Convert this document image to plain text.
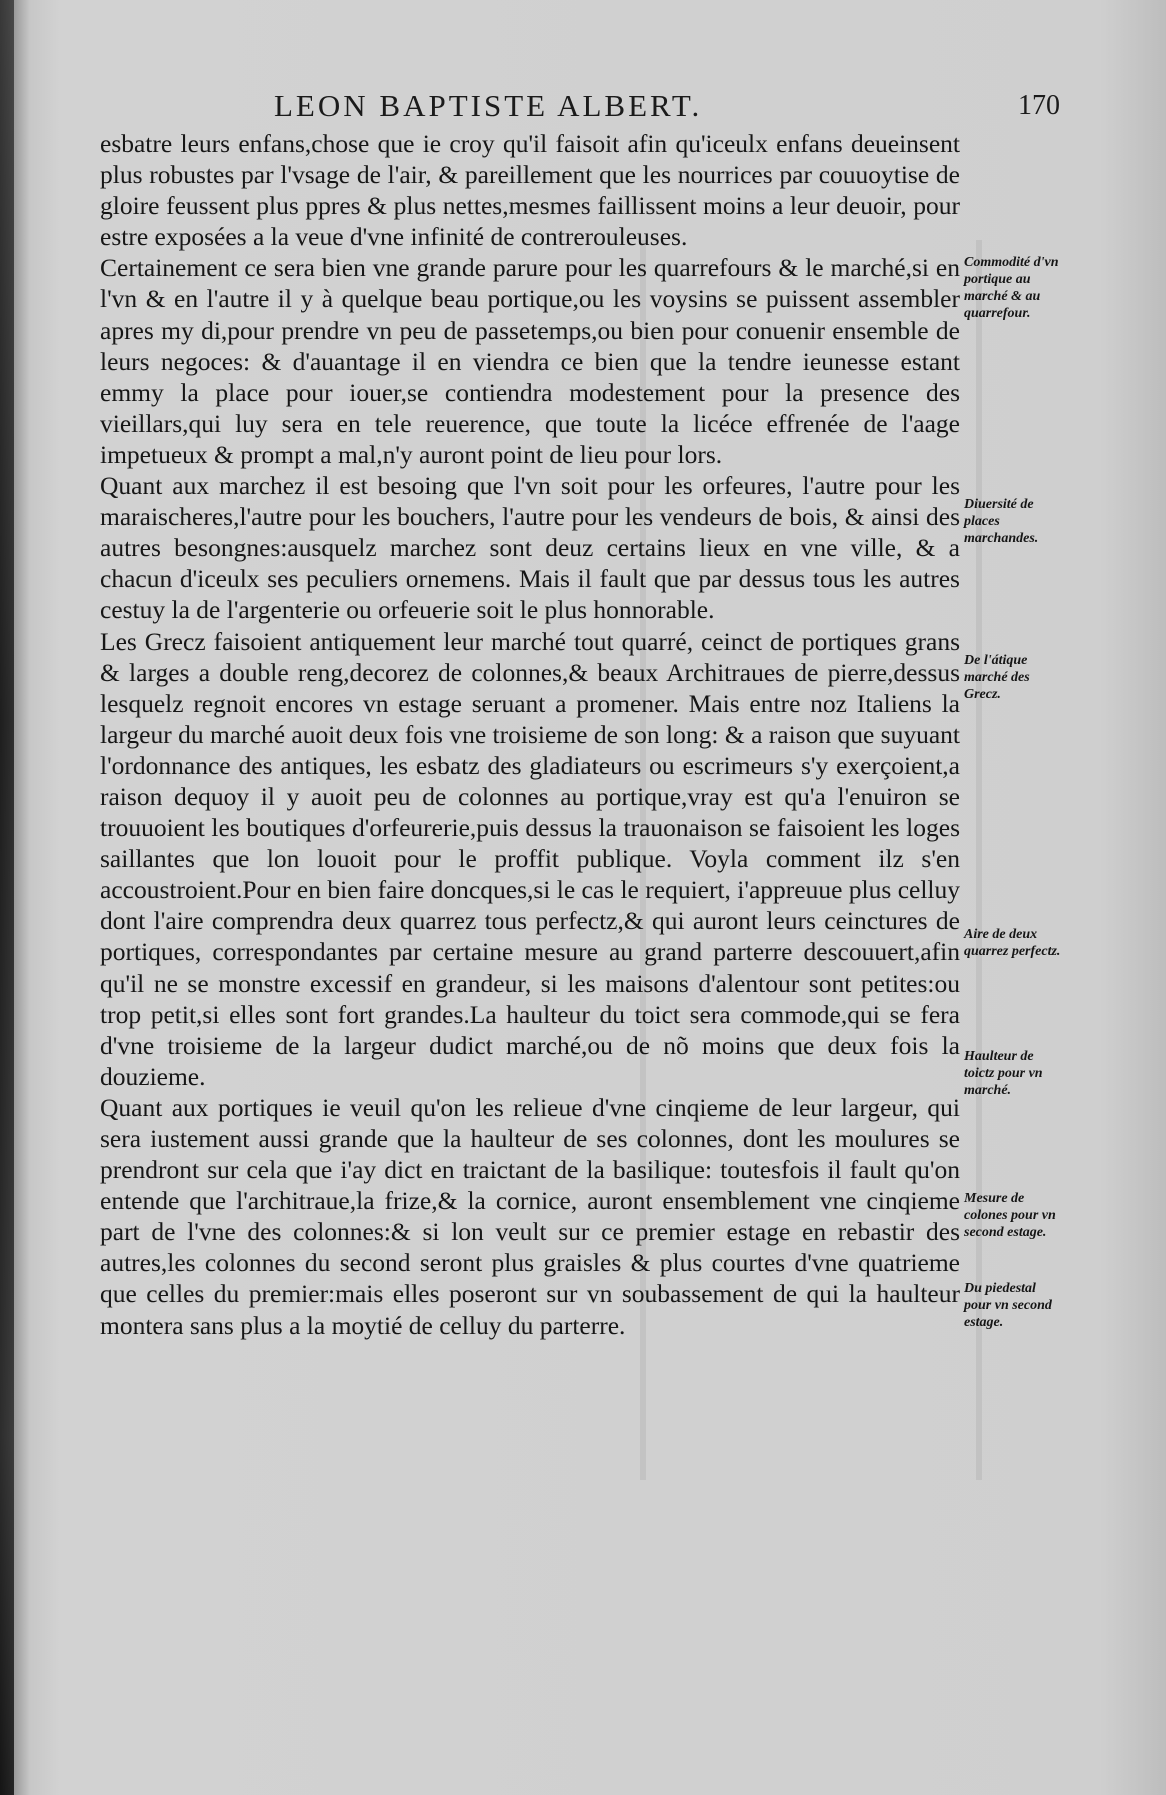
LEON BAPTISTE ALBERT.	170

esbatre leurs enfans,chose que ie croy qu'il faisoit afin qu'iceulx enfans deueinsent plus robustes par l'vsage de l'air, & pareillement que les nourrices par couuoytise de gloire feussent plus ppres & plus nettes,mesmes faillissent moins a leur deuoir, pour estre exposées a la veue d'vne infinité de contrerouleuses.

Certainement ce sera bien vne grande parure pour les quarrefours & le marché,si en l'vn & en l'autre il y à quelque beau portique,ou les voysins se puissent assembler apres my di,pour prendre vn peu de passetemps,ou bien pour conuenir ensemble de leurs negoces: & d'auantage il en viendra ce bien que la tendre ieunesse estant emmy la place pour iouer,se contiendra modestement pour la presence des vieillars,qui luy sera en tele reuerence, que toute la licéce effrenée de l'aage impetueux & prompt a mal,n'y auront point de lieu pour lors.

Quant aux marchez il est besoing que l'vn soit pour les orfeures, l'autre pour les maraischeres,l'autre pour les bouchers, l'autre pour les vendeurs de bois, & ainsi des autres besongnes:ausquelz marchez sont deuz certains lieux en vne ville, & a chacun d'iceulx ses peculiers ornemens. Mais il fault que par dessus tous les autres cestuy la de l'argenterie ou orfeuerie soit le plus honnorable.

Les Grecz faisoient antiquement leur marché tout quarré, ceinct de portiques grans & larges a double reng,decorez de colonnes,& beaux Architraues de pierre,dessus lesquelz regnoit encores vn estage seruant a promener. Mais entre noz Italiens la largeur du marché auoit deux fois vne troisieme de son long: & a raison que suyuant l'ordonnance des antiques, les esbatz des gladiateurs ou escrimeurs s'y exerçoient,a raison dequoy il y auoit peu de colonnes au portique,vray est qu'a l'enuiron se trouuoient les boutiques d'orfeurerie,puis dessus la trauonaison se faisoient les loges saillantes que lon louoit pour le proffit publique. Voyla comment ilz s'en accoustroient.Pour en bien faire doncques,si le cas le requiert, i'appreuue plus celluy dont l'aire comprendra deux quarrez tous perfectz,& qui auront leurs ceinctures de portiques, correspondantes par certaine mesure au grand parterre descouuert,afin qu'il ne se monstre excessif en grandeur, si les maisons d'alentour sont petites:ou trop petit,si elles sont fort grandes.La haulteur du toict sera commode,qui se fera d'vne troisieme de la largeur dudict marché,ou de nõ moins que deux fois la douzieme.

Quant aux portiques ie veuil qu'on les relieue d'vne cinqieme de leur largeur, qui sera iustement aussi grande que la haulteur de ses colonnes, dont les moulures se prendront sur cela que i'ay dict en traictant de la basilique: toutesfois il fault qu'on entende que l'architraue,la frize,& la cornice, auront ensemblement vne cinqieme part de l'vne des colonnes:& si lon veult sur ce premier estage en rebastir des autres,les colonnes du second seront plus graisles & plus courtes d'vne quatrieme que celles du premier:mais elles poseront sur vn soubassement de qui la haulteur montera sans plus a la moytié de celluy du parterre.

Commodité d'vn portique au marché & au quarrefour.
Diuersité de places marchandes.
De l'átique marché des Grecz.
Aire de deux quarrez perfectz.
Haulteur de toictz pour vn marché.
Mesure de colones pour vn second estage.
Du piedestal pour vn second estage.
